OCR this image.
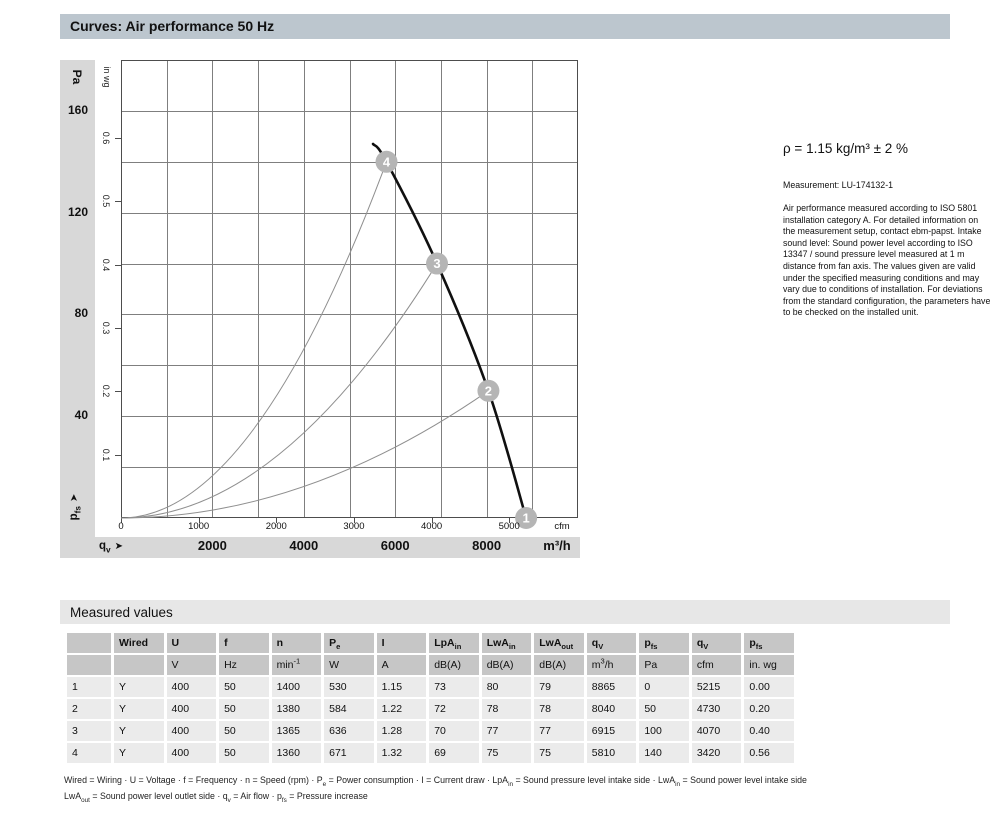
Curves: Air performance 50 Hz
4
3
2
1
Pa in wg
$p_{fs}➤$
$q_v$ ➤
cfm
m³/h
160
120
80
40
0.6
0.5
0.4
0.3
0.2
0.1
0	1000	2000	3000	4000	5000
2000	4000	6000	8000

ρ = 1.15 kg/m³ ± 2 %

Measurement: LU-174132-1

Air performance measured according to ISO 5801 installation category A. For detailed information on the measurement setup, contact ebm-papst. Intake sound level: Sound power level according to ISO 13347 / sound pressure level measured at 1 m distance from fan axis. The values given are valid under the specified measuring conditions and may vary due to conditions of installation. For deviations from the standard configuration, the parameters have to be checked on the installed unit.

Measured values
	Wired	U	f	n	$P_e$	I	LpA$_{in}$	LwA$_{in}$	LwA$_{out}$	$q_V$	$p_{fs}$	$q_V$	$p_{fs}$
		V	Hz	$\min^{-1}$	W	A	dB(A)	dB(A)	dB(A)	$m^3/h$	Pa	cfm	in. wg
1	Y	400	50	1400	530	1.15	73	80	79	8865	0	5215	0.00
2	Y	400	50	1380	584	1.22	72	78	78	8040	50	4730	0.20
3	Y	400	50	1365	636	1.28	70	77	77	6915	100	4070	0.40
4	Y	400	50	1360	671	1.32	69	75	75	5810	140	3420	0.56
Wired = Wiring · U = Voltage · f = Frequency · n = Speed $(rpm) \cdot P_e$ = Power consumption · I = Current draw · LpA$_{in}$ = Sound pressure level intake side · LwA$_{in}$ = Sound power level intake side
LwA$_{out}$ = Sound power level outlet side · $q_v$ = Air flow · $p_{fs}$ = Pressure increase
